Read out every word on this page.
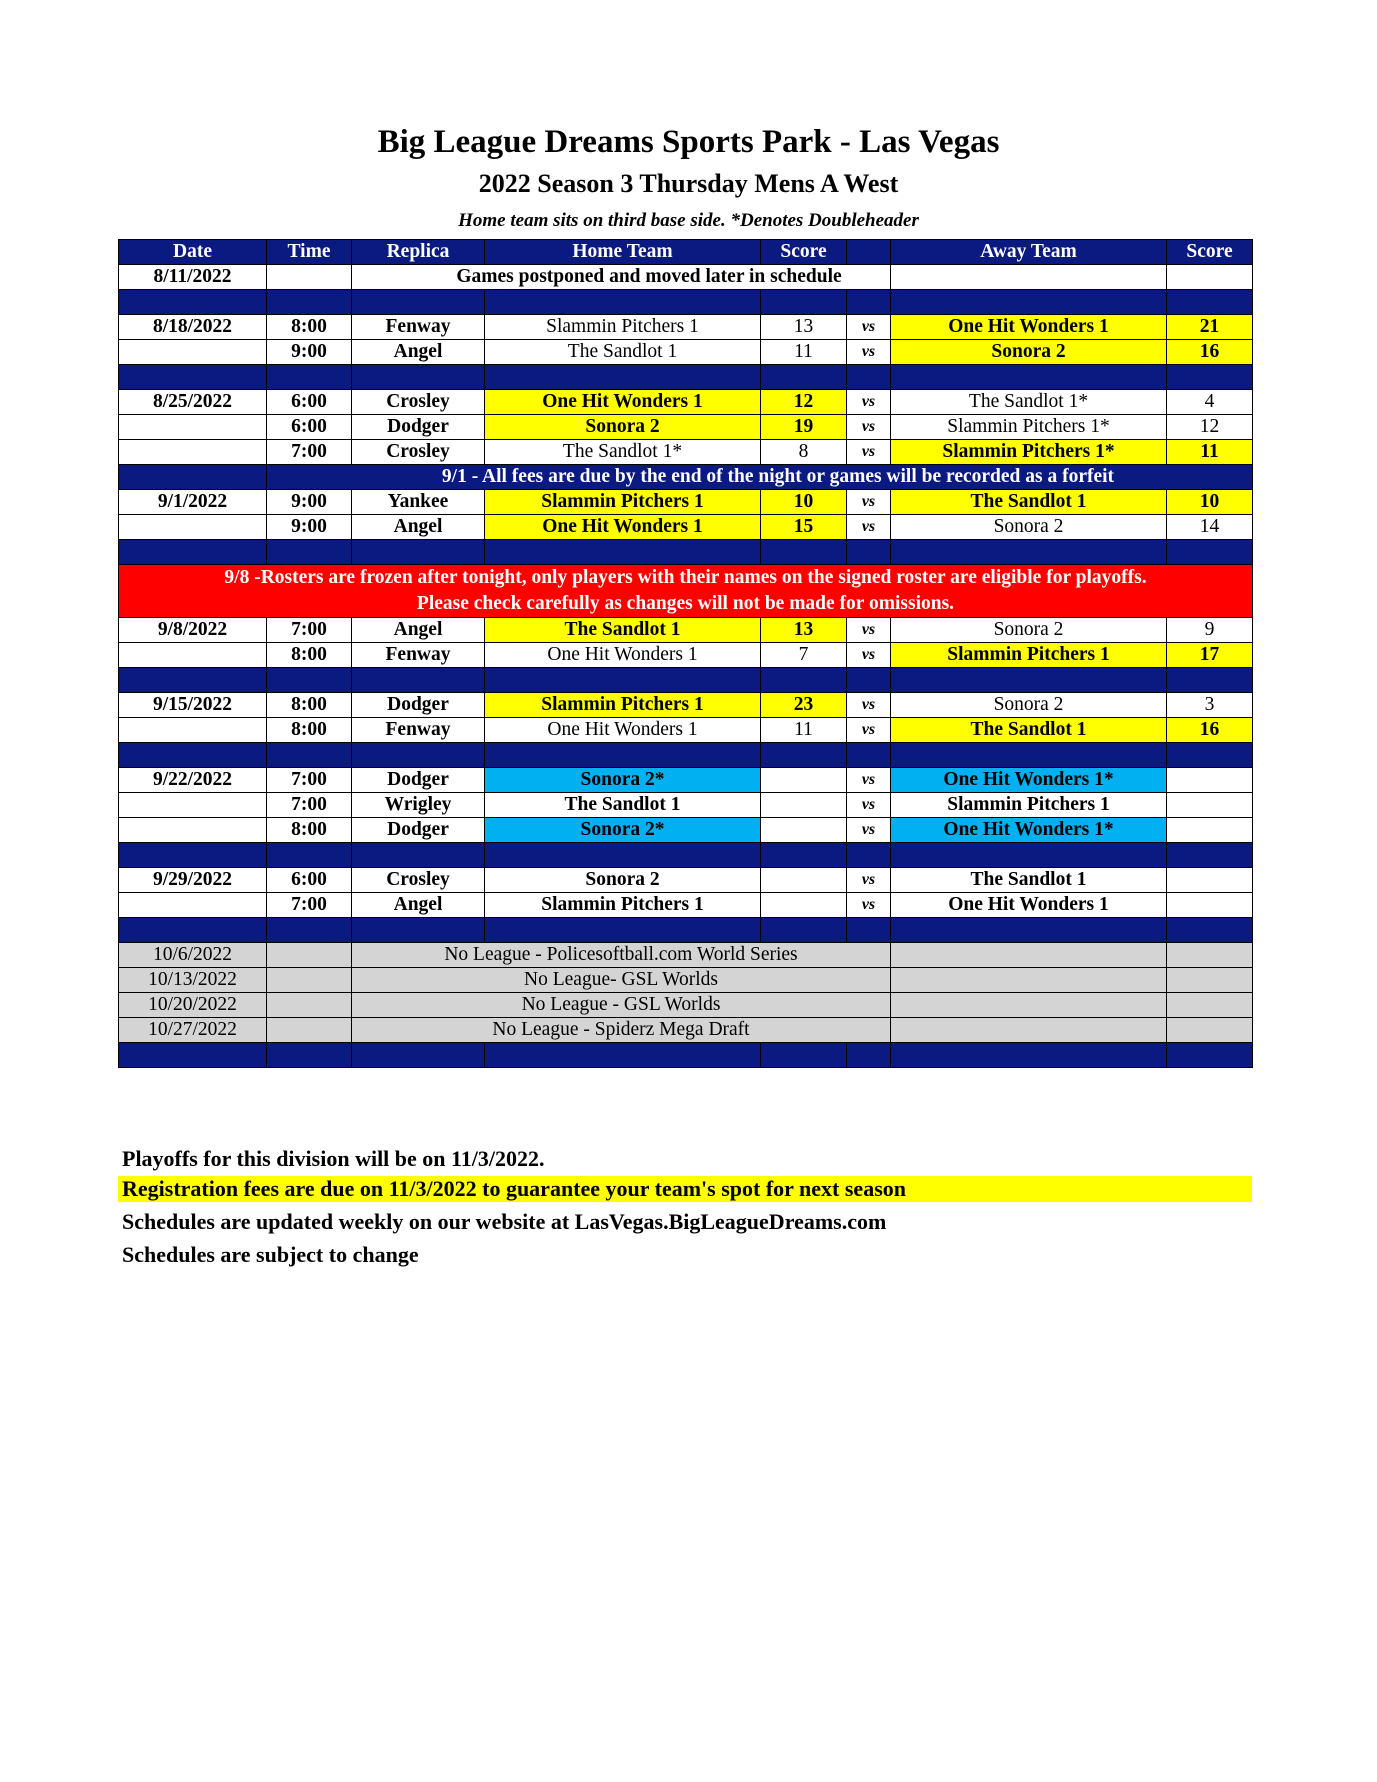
Big League Dreams Sports Park - Las Vegas
2022 Season 3 Thursday Mens A West
Home team sits on third base side. *Denotes Doubleheader
Date	Time	Replica	Home Team	Score		Away Team	Score
8/11/2022		Games postponed and moved later in schedule					

8/18/2022	8:00	Fenway	Slammin Pitchers 1	13	vs	One Hit Wonders 1	21
	9:00	Angel	The Sandlot 1	11	vs	Sonora 2	16

8/25/2022	6:00	Crosley	One Hit Wonders 1	12	vs	The Sandlot 1*	4
	6:00	Dodger	Sonora 2	19	vs	Slammin Pitchers 1*	12
	7:00	Crosley	The Sandlot 1*	8	vs	Slammin Pitchers 1*	11
	9/1 - All fees are due by the end of the night or games will be recorded as a forfeit						
9/1/2022	9:00	Yankee	Slammin Pitchers 1	10	vs	The Sandlot 1	10
	9:00	Angel	One Hit Wonders 1	15	vs	Sonora 2	14

9/8 -Rosters are frozen after tonight, only players with their names on the signed roster are eligible for playoffs.
Please check carefully as changes will not be made for omissions.							

9/8/2022	7:00	Angel	The Sandlot 1	13	vs	Sonora 2	9
	8:00	Fenway	One Hit Wonders 1	7	vs	Slammin Pitchers 1	17

9/15/2022	8:00	Dodger	Slammin Pitchers 1	23	vs	Sonora 2	3
	8:00	Fenway	One Hit Wonders 1	11	vs	The Sandlot 1	16

9/22/2022	7:00	Dodger	Sonora 2*		vs	One Hit Wonders 1*	
	7:00	Wrigley	The Sandlot 1		vs	Slammin Pitchers 1	
	8:00	Dodger	Sonora 2*		vs	One Hit Wonders 1*	

9/29/2022	6:00	Crosley	Sonora 2		vs	The Sandlot 1	
	7:00	Angel	Slammin Pitchers 1		vs	One Hit Wonders 1	

10/6/2022		No League - Policesoftball.com World Series					
10/13/2022		No League- GSL Worlds					
10/20/2022		No League - GSL Worlds					
10/27/2022		No League - Spiderz Mega Draft					

Playoffs for this division will be on 11/3/2022.
Registration fees are due on 11/3/2022 to guarantee your team's spot for next season
Schedules are updated weekly on our website at LasVegas.BigLeagueDreams.com
Schedules are subject to change
